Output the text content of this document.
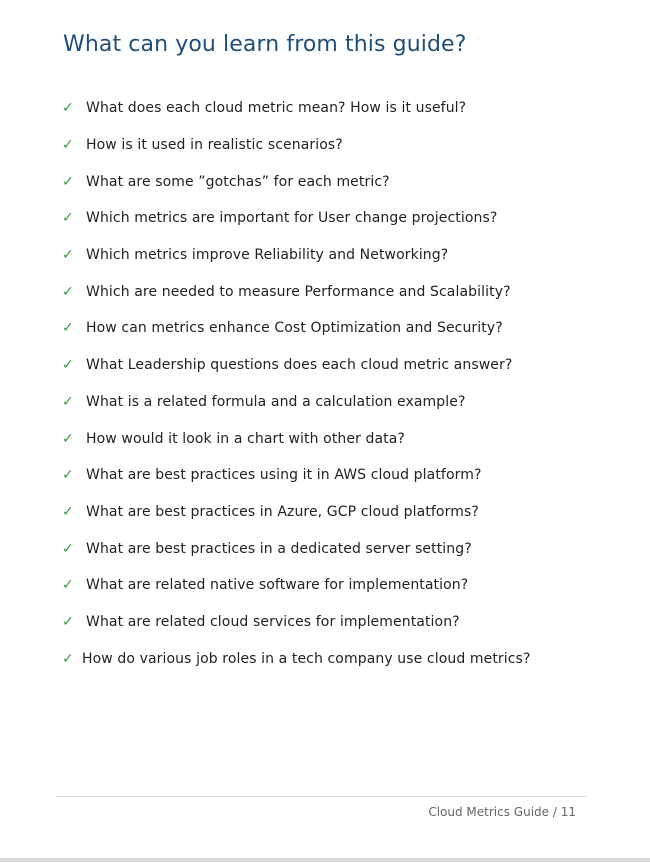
What can you learn from this guide?
✓ What does each cloud metric mean? How is it useful?
✓ How is it used in realistic scenarios?
✓ What are some ”gotchas” for each metric?
✓ Which metrics are important for User change projections?
✓ Which metrics improve Reliability and Networking?
✓ Which are needed to measure Performance and Scalability?
✓ How can metrics enhance Cost Optimization and Security?
✓ What Leadership questions does each cloud metric answer?
✓ What is a related formula and a calculation example?
✓ How would it look in a chart with other data?
✓ What are best practices using it in AWS cloud platform?
✓ What are best practices in Azure, GCP cloud platforms?
✓ What are best practices in a dedicated server setting?
✓ What are related native software for implementation?
✓ What are related cloud services for implementation?
✓ How do various job roles in a tech company use cloud metrics?
Cloud Metrics Guide / 11
